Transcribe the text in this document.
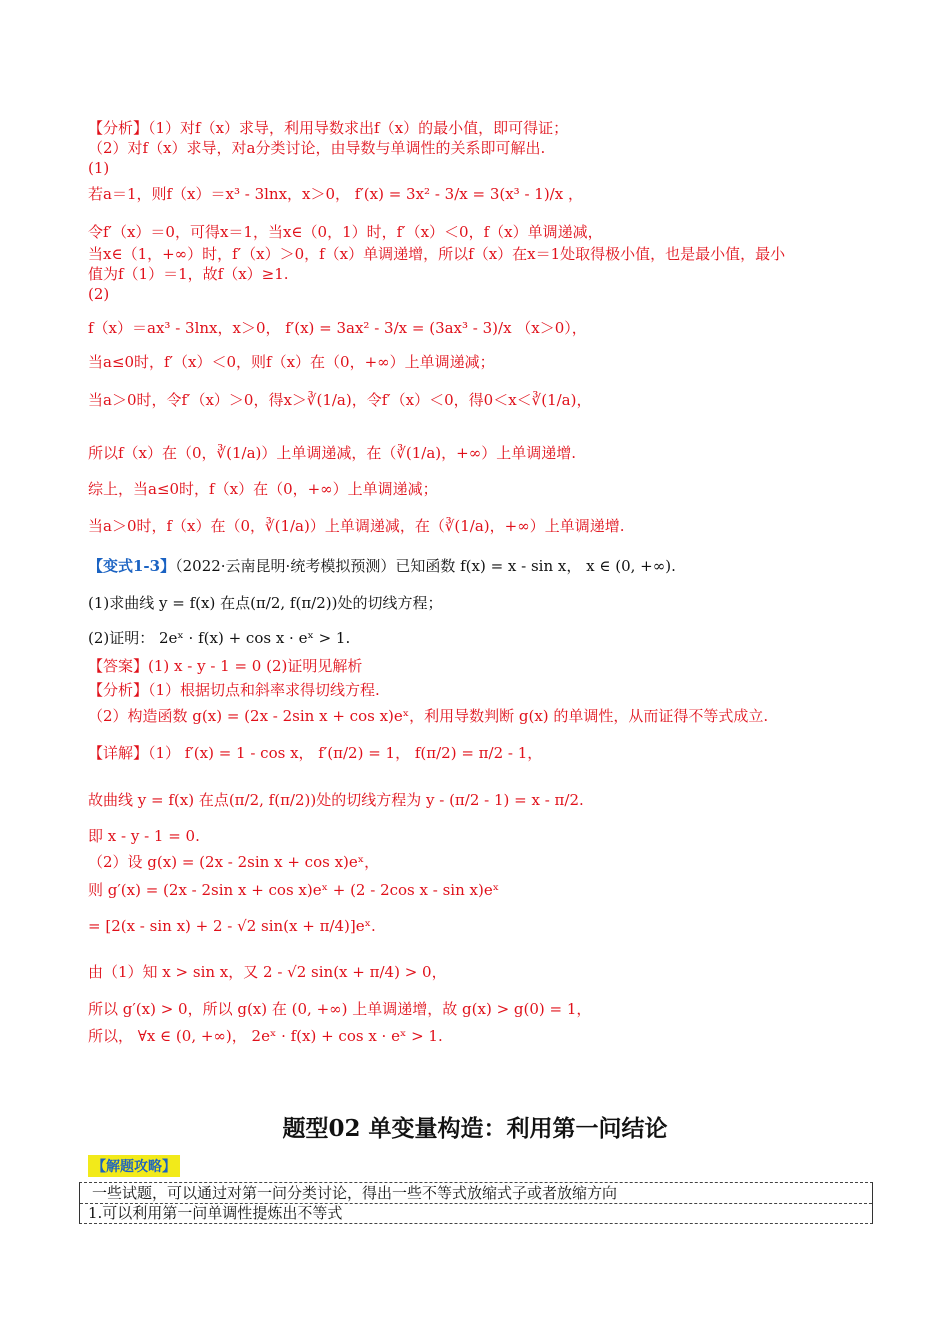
【分析】（1）对f（x）求导，利用导数求出f（x）的最小值，即可得证；
（2）对f（x）求导，对a分类讨论，由导数与单调性的关系即可解出.
(1)
若a＝1，则f（x）＝x³ - 3lnx，x＞0， f′(x) = 3x² - 3/x = 3(x³ - 1)/x ，
令f′（x）＝0，可得x＝1，当x∈（0，1）时，f′（x）＜0，f（x）单调递减，
当x∈（1，+∞）时，f′（x）＞0，f（x）单调递增，所以f（x）在x＝1处取得极小值，也是最小值，最小
值为f（1）＝1，故f（x）≥1.
(2)
f（x）＝ax³ - 3lnx，x＞0， f′(x) = 3ax² - 3/x = (3ax³ - 3)/x （x＞0），
当a≤0时，f′（x）＜0，则f（x）在（0，+∞）上单调递减；
当a＞0时，令f′（x）＞0，得x＞∛(1/a)，令f′（x）＜0，得0＜x＜∛(1/a)，
所以f（x）在（0，∛(1/a)）上单调递减，在（∛(1/a)，+∞）上单调递增.
综上，当a≤0时，f（x）在（0，+∞）上单调递减；
当a＞0时，f（x）在（0，∛(1/a)）上单调递减，在（∛(1/a)，+∞）上单调递增.
【变式1-3】（2022·云南昆明·统考模拟预测）已知函数 f(x) = x - sin x， x ∈ (0, +∞).
(1)求曲线 y = f(x) 在点(π/2, f(π/2))处的切线方程；
(2)证明： 2eˣ · f(x) + cos x · eˣ > 1.
【答案】(1) x - y - 1 = 0 (2)证明见解析
【分析】（1）根据切点和斜率求得切线方程.
（2）构造函数 g(x) = (2x - 2sin x + cos x)eˣ，利用导数判断 g(x) 的单调性，从而证得不等式成立.
【详解】（1） f′(x) = 1 - cos x， f′(π/2) = 1， f(π/2) = π/2 - 1，
故曲线 y = f(x) 在点(π/2, f(π/2))处的切线方程为 y - (π/2 - 1) = x - π/2.
即 x - y - 1 = 0.
（2）设 g(x) = (2x - 2sin x + cos x)eˣ，
则 g′(x) = (2x - 2sin x + cos x)eˣ + (2 - 2cos x - sin x)eˣ
= [2(x - sin x) + 2 - √2 sin(x + π/4)]eˣ.
由（1）知 x > sin x，又 2 - √2 sin(x + π/4) > 0，
所以 g′(x) > 0，所以 g(x) 在 (0, +∞) 上单调递增，故 g(x) > g(0) = 1，
所以， ∀x ∈ (0, +∞)， 2eˣ · f(x) + cos x · eˣ > 1.
题型02 单变量构造：利用第一问结论
【解题攻略】
一些试题，可以通过对第一问分类讨论，得出一些不等式放缩式子或者放缩方向
1.可以利用第一问单调性提炼出不等式
